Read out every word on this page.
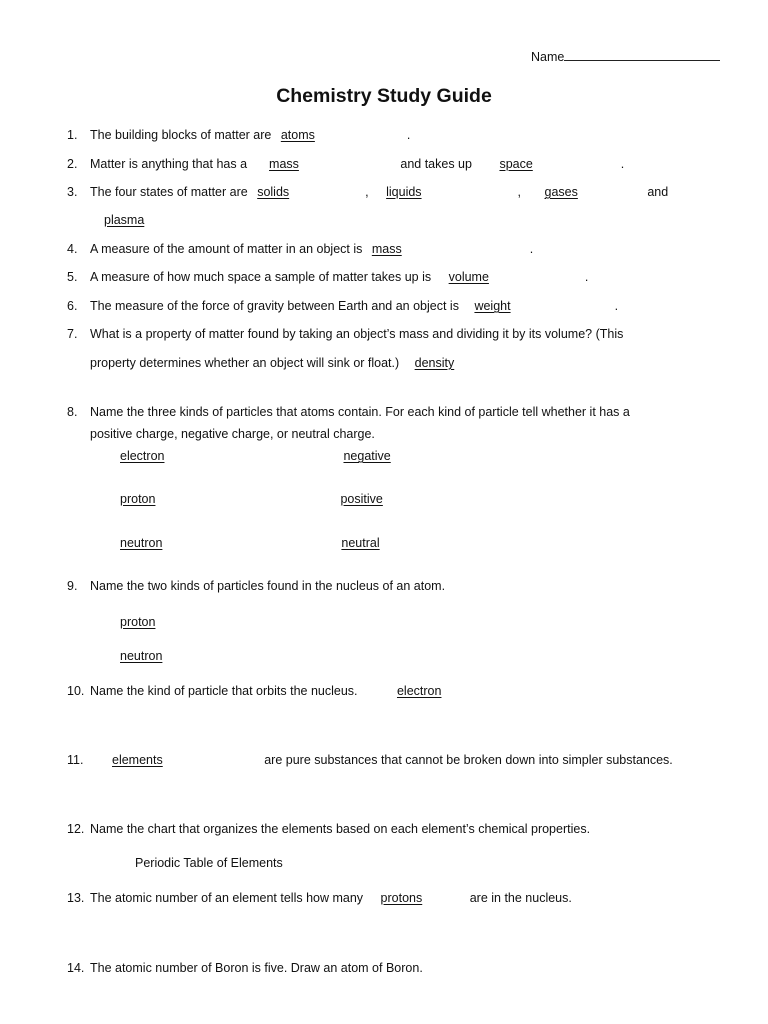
Name
Chemistry Study Guide
1. The building blocks of matter are atoms	.
2. Matter is anything that has a mass	and takes up space	.
3. The four states of matter are solids	, liquids	, gases	and
plasma
4. A measure of the amount of matter in an object is mass	.
5. A measure of how much space a sample of matter takes up is volume	.
6. The measure of the force of gravity between Earth and an object is weight	.
7. What is a property of matter found by taking an object’s mass and dividing it by its volume? (This
property determines whether an object will sink or float.) density
8. Name the three kinds of particles that atoms contain. For each kind of particle tell whether it has a
positive charge, negative charge, or neutral charge.
electron	negative
proton	positive
neutron	neutral
9. Name the two kinds of particles found in the nucleus of an atom.
proton
neutron
10. Name the kind of particle that orbits the nucleus.	electron
11.	elements	are pure substances that cannot be broken down into simpler substances.
12. Name the chart that organizes the elements based on each element’s chemical properties.
Periodic Table of Elements
13. The atomic number of an element tells how many protons	are in the nucleus.
14. The atomic number of Boron is five. Draw an atom of Boron.
